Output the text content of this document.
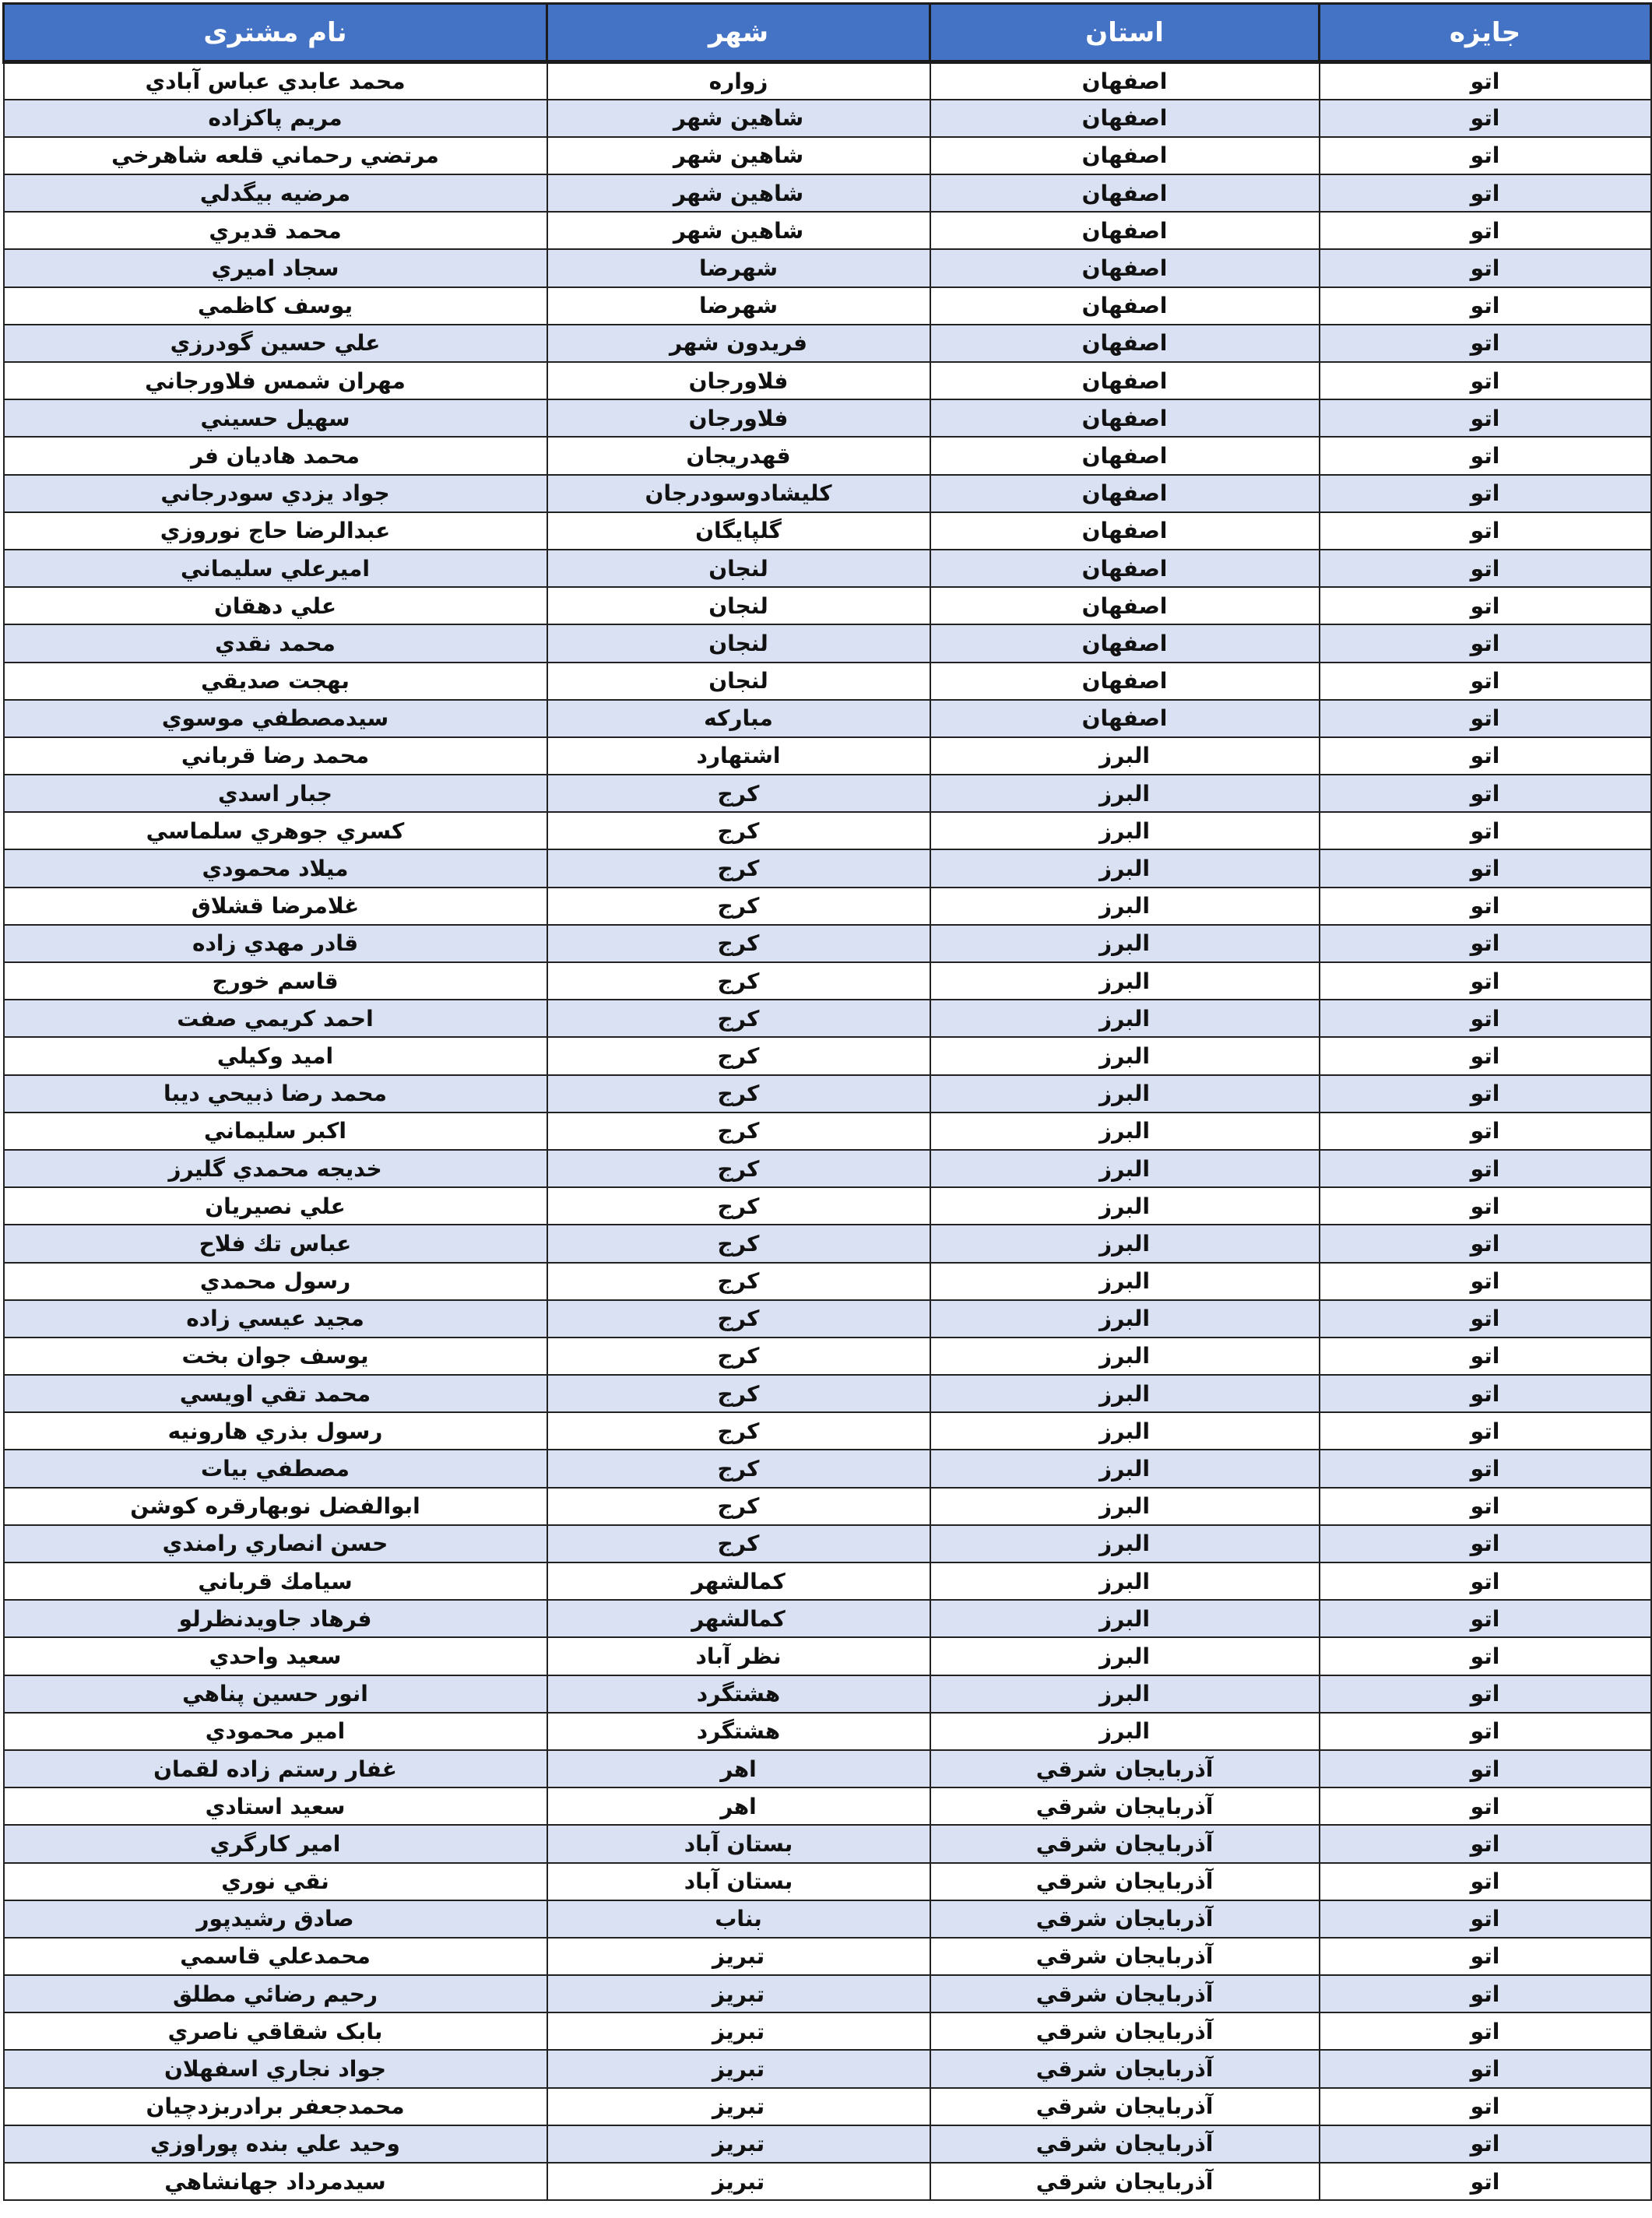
جایزه	استان	شهر	نام مشتری
اتو	اصفهان	زواره	محمد عابدي عباس آبادي
اتو	اصفهان	شاهين شهر	مريم پاكزاده
اتو	اصفهان	شاهين شهر	مرتضي رحماني قلعه شاهرخي
اتو	اصفهان	شاهين شهر	مرضيه بيگدلي
اتو	اصفهان	شاهين شهر	محمد قديري
اتو	اصفهان	شهرضا	سجاد اميري
اتو	اصفهان	شهرضا	يوسف كاظمي
اتو	اصفهان	فريدون شهر	علي حسين گودرزي
اتو	اصفهان	فلاورجان	مهران شمس فلاورجاني
اتو	اصفهان	فلاورجان	سهيل حسيني
اتو	اصفهان	قهدريجان	محمد هاديان فر
اتو	اصفهان	كليشادوسودرجان	جواد يزدي سودرجاني
اتو	اصفهان	گلپايگان	عبدالرضا حاج نوروزي
اتو	اصفهان	لنجان	اميرعلي سليماني
اتو	اصفهان	لنجان	علي دهقان
اتو	اصفهان	لنجان	محمد نقدي
اتو	اصفهان	لنجان	بهجت صديقي
اتو	اصفهان	مباركه	سيدمصطفي موسوي
اتو	البرز	اشتهارد	محمد رضا قرباني
اتو	البرز	كرج	جبار اسدي
اتو	البرز	كرج	كسري جوهري سلماسي
اتو	البرز	كرج	ميلاد محمودي
اتو	البرز	كرج	غلامرضا قشلاق
اتو	البرز	كرج	قادر مهدي زاده
اتو	البرز	كرج	قاسم خورج
اتو	البرز	كرج	احمد كريمي صفت
اتو	البرز	كرج	اميد وكيلي
اتو	البرز	كرج	محمد رضا ذبيحي ديبا
اتو	البرز	كرج	اكبر سليماني
اتو	البرز	كرج	خديجه محمدي گليرز
اتو	البرز	كرج	علي نصيريان
اتو	البرز	كرج	عباس تك فلاح
اتو	البرز	كرج	رسول محمدي
اتو	البرز	كرج	مجيد عيسي زاده
اتو	البرز	كرج	يوسف جوان بخت
اتو	البرز	كرج	محمد تقي اويسي
اتو	البرز	كرج	رسول بذري هارونيه
اتو	البرز	كرج	مصطفي بيات
اتو	البرز	كرج	ابوالفضل نوبهارقره كوشن
اتو	البرز	كرج	حسن انصاري رامندي
اتو	البرز	كمالشهر	سيامك قرباني
اتو	البرز	كمالشهر	فرهاد جاويدنظرلو
اتو	البرز	نظر آباد	سعيد واحدي
اتو	البرز	هشتگرد	انور حسين پناهي
اتو	البرز	هشتگرد	امير محمودي
اتو	آذربايجان شرقي	اهر	غفار رستم زاده لقمان
اتو	آذربايجان شرقي	اهر	سعيد استادي
اتو	آذربايجان شرقي	بستان آباد	امير كارگري
اتو	آذربايجان شرقي	بستان آباد	نقي نوري
اتو	آذربايجان شرقي	بناب	صادق رشيدپور
اتو	آذربايجان شرقي	تبريز	محمدعلي قاسمي
اتو	آذربايجان شرقي	تبريز	رحيم رضائي مطلق
اتو	آذربايجان شرقي	تبريز	بابک شقاقي ناصري
اتو	آذربايجان شرقي	تبريز	جواد نجاري اسفهلان
اتو	آذربايجان شرقي	تبريز	محمدجعفر برادربزدچيان
اتو	آذربايجان شرقي	تبريز	وحيد علي بنده پوراوزي
اتو	آذربايجان شرقي	تبريز	سيدمرداد جهانشاهي
